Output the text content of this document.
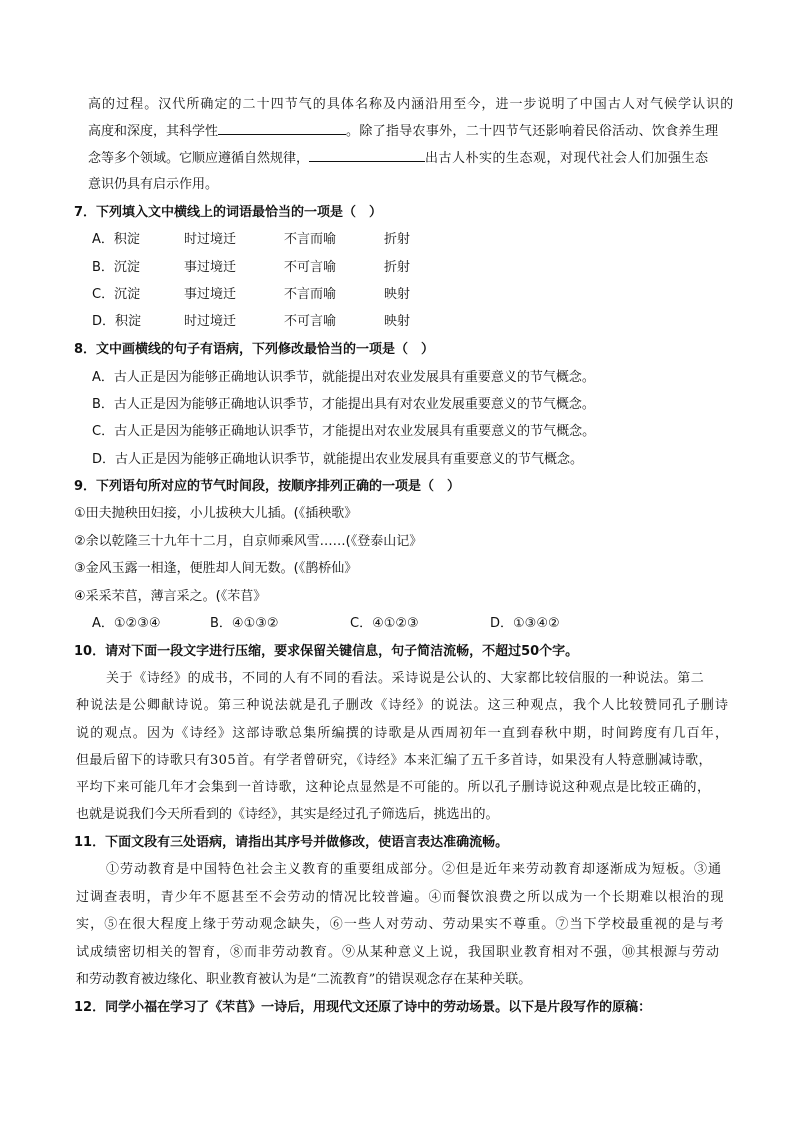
高的过程。汉代所确定的二十四节气的具体名称及内涵沿用至今，进一步说明了中国古人对气候学认识的
高度和深度，其科学性	。除了指导农事外，二十四节气还影响着民俗活动、饮食养生理
念等多个领域。它顺应遵循自然规律，	出古人朴实的生态观，对现代社会人们加强生态
意识仍具有启示作用。
7．下列填入文中横线上的词语最恰当的一项是（　）
A．积淀	时过境迁	不言而喻	折射
B．沉淀	事过境迁	不可言喻	折射
C．沉淀	事过境迁	不言而喻	映射
D．积淀	时过境迁	不可言喻	映射
8．文中画横线的句子有语病，下列修改最恰当的一项是（　）
A．古人正是因为能够正确地认识季节，就能提出对农业发展具有重要意义的节气概念。
B．古人正是因为能够正确地认识季节，才能提出具有对农业发展重要意义的节气概念。
C．古人正是因为能够正确地认识季节，才能提出对农业发展具有重要意义的节气概念。
D．古人正是因为能够正确地认识季节，就能提出农业发展具有重要意义的节气概念。
9．下列语句所对应的节气时间段，按顺序排列正确的一项是（　）
①田夫抛秧田妇接，小儿拔秧大儿插。(《插秧歌》
②余以乾隆三十九年十二月，自京师乘风雪……(《登泰山记》
③金风玉露一相逢，便胜却人间无数。(《鹊桥仙》
④采采芣苢，薄言采之。(《芣苢》
A．①②③④	B．④①③②	C．④①②③	D．①③④②
10．请对下面一段文字进行压缩，要求保留关键信息，句子简洁流畅，不超过50个字。
关于《诗经》的成书，不同的人有不同的看法。采诗说是公认的、大家都比较信服的一种说法。第二
种说法是公卿献诗说。第三种说法就是孔子删改《诗经》的说法。这三种观点，我个人比较赞同孔子删诗
说的观点。因为《诗经》这部诗歌总集所编撰的诗歌是从西周初年一直到春秋中期，时间跨度有几百年，
但最后留下的诗歌只有305首。有学者曾研究，《诗经》本来汇编了五千多首诗，如果没有人特意删减诗歌，
平均下来可能几年才会集到一首诗歌，这种论点显然是不可能的。所以孔子删诗说这种观点是比较正确的，
也就是说我们今天所看到的《诗经》，其实是经过孔子筛选后，挑选出的。
11．下面文段有三处语病，请指出其序号并做修改，使语言表达准确流畅。
①劳动教育是中国特色社会主义教育的重要组成部分。②但是近年来劳动教育却逐渐成为短板。③通
过调查表明，青少年不愿甚至不会劳动的情况比较普遍。④而餐饮浪费之所以成为一个长期难以根治的现
实，⑤在很大程度上缘于劳动观念缺失，⑥一些人对劳动、劳动果实不尊重。⑦当下学校最重视的是与考
试成绩密切相关的智育，⑧而非劳动教育。⑨从某种意义上说，我国职业教育相对不强，⑩其根源与劳动
和劳动教育被边缘化、职业教育被认为是“二流教育”的错误观念存在某种关联。
12．同学小福在学习了《芣苢》一诗后，用现代文还原了诗中的劳动场景。以下是片段写作的原稿：
